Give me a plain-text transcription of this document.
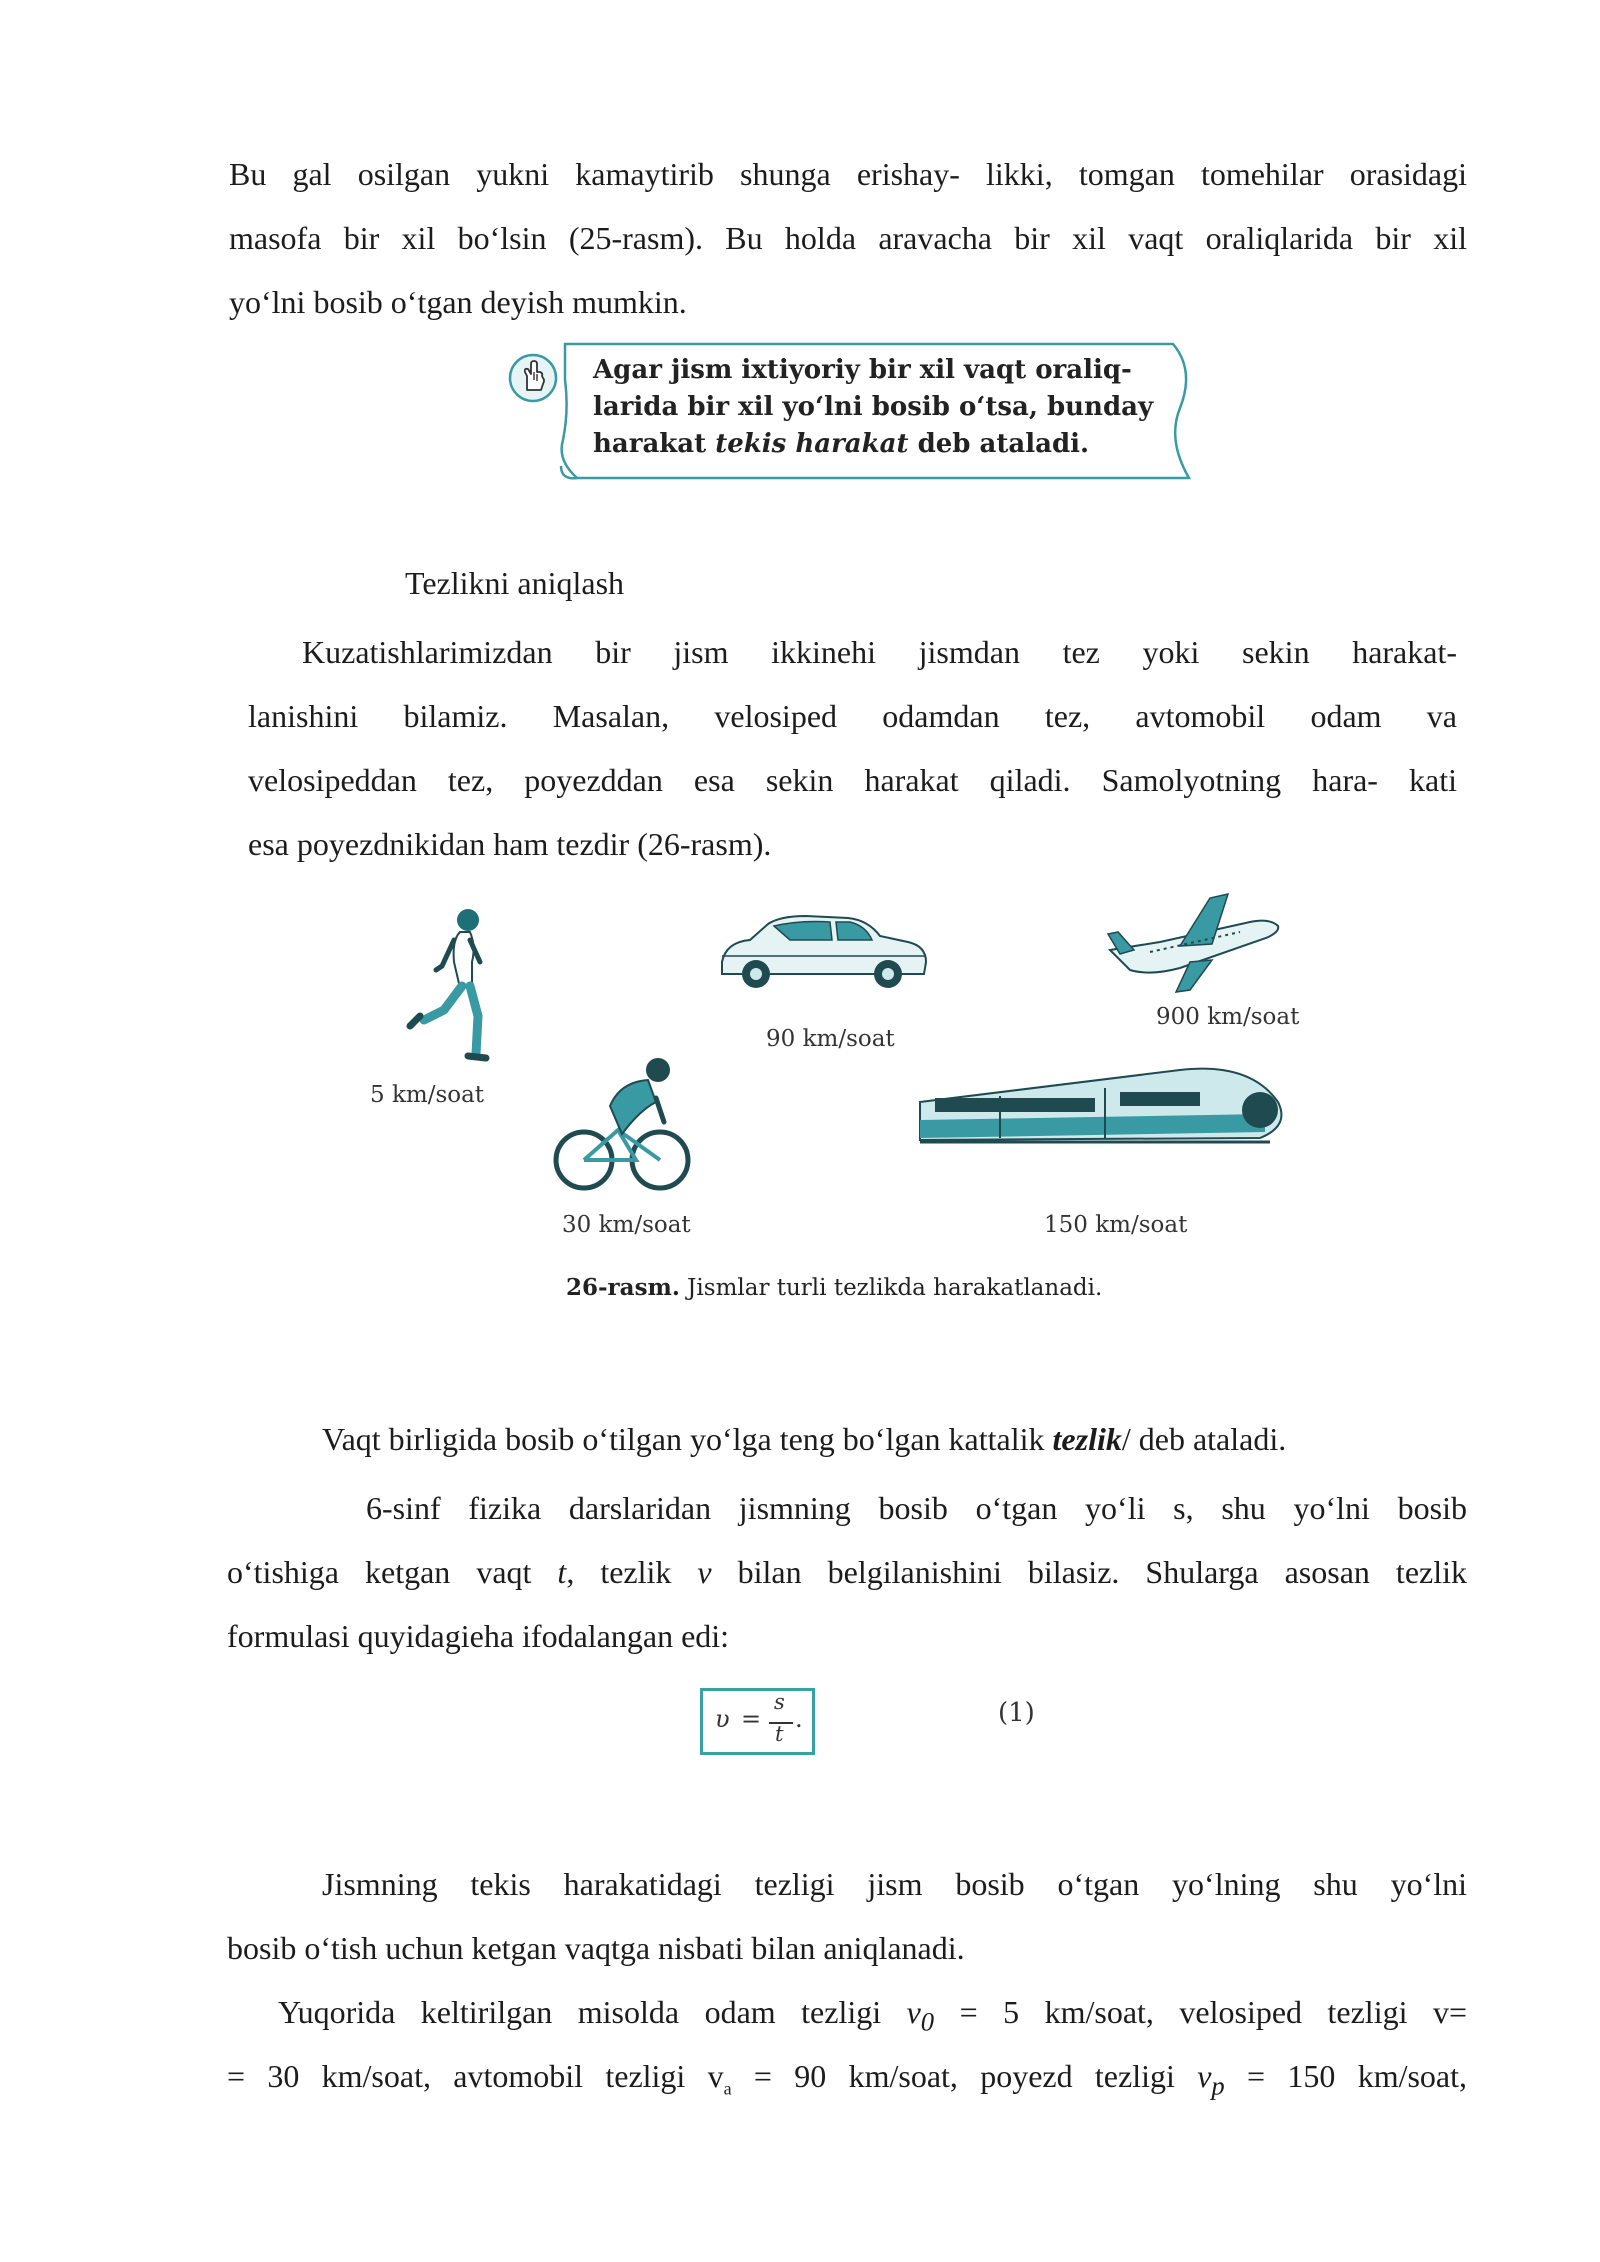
Bu gal osilgan yukni kamaytirib shunga erishay- likki, tomgan tomehilar orasidagi
masofa bir xil bo‘lsin (25-rasm). Bu holda aravacha bir xil vaqt oraliqlarida bir xil
yo‘lni bosib o‘tgan deyish mumkin.
Agar jism ixtiyoriy bir xil vaqt oraliq-larida bir xil yo‘lni bosib o‘tsa, bunday harakat tekis harakat deb ataladi.
Tezlikni aniqlash
Kuzatishlarimizdan bir jism ikkinehi jismdan tez yoki sekin harakat-
lanishini bilamiz. Masalan, velosiped odamdan tez, avtomobil odam va
velosipeddan tez, poyezddan esa sekin harakat qiladi. Samolyotning hara- kati
esa poyezdnikidan ham tezdir (26-rasm).
5 km/soat
90 km/soat
900 km/soat
30 km/soat	150 km/soat
26-rasm. Jismlar turli tezlikda harakatlanadi.
Vaqt birligida bosib o‘tilgan yo‘lga teng bo‘lgan kattalik tezlik/ deb ataladi.
6-sinf fizika darslaridan jismning bosib o‘tgan yo‘li s, shu yo‘lni bosib
o‘tishiga ketgan vaqt t, tezlik v bilan belgilanishini bilasiz. Shularga asosan tezlik
formulasi quyidagieha ifodalangan edi:
υ =
s
t
.	(1)
Jismning tekis harakatidagi tezligi jism bosib o‘tgan yo‘lning shu yo‘lni
bosib o‘tish uchun ketgan vaqtga nisbati bilan aniqlanadi.
Yuqorida keltirilgan misolda odam tezligi $v_0 = 5$ km/soat, velosiped tezligi v=
= 30 km/soat, avtomobil tezligi $v_a = 90$ km/soat, poyezd tezligi $v_p = 150$ km/soat,
